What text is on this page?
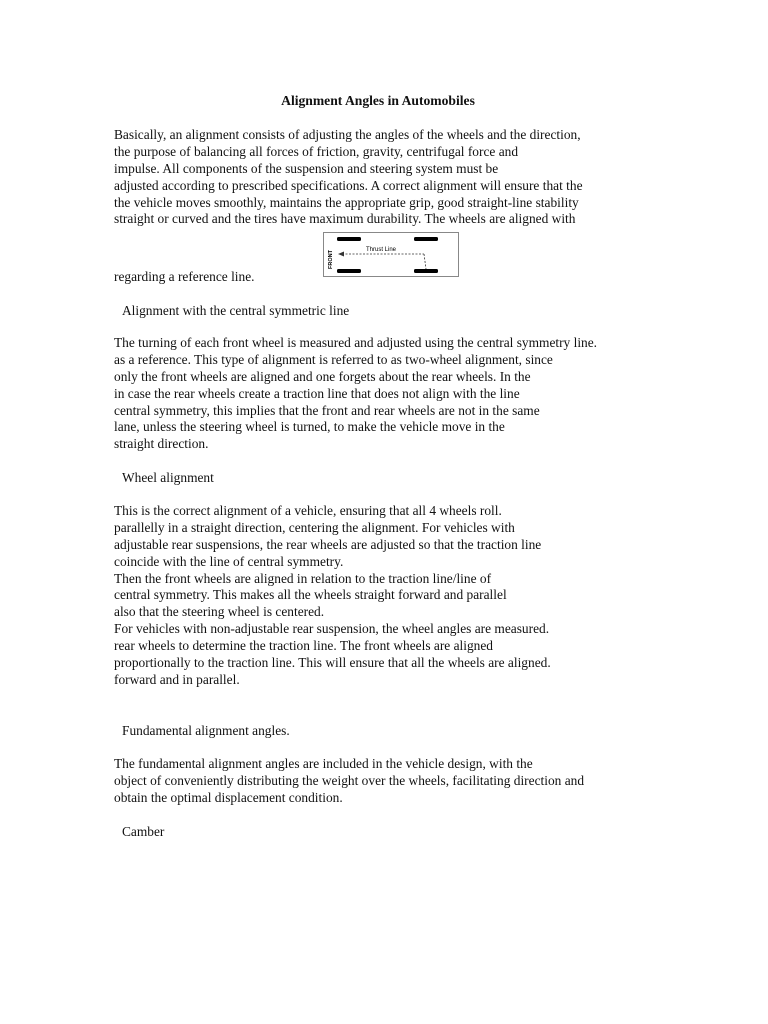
Alignment Angles in Automobiles
Basically, an alignment consists of adjusting the angles of the wheels and the direction,
the purpose of balancing all forces of friction, gravity, centrifugal force and
impulse. All components of the suspension and steering system must be
adjusted according to prescribed specifications. A correct alignment will ensure that the
the vehicle moves smoothly, maintains the appropriate grip, good straight-line stability
straight or curved and the tires have maximum durability. The wheels are aligned with
Thrust Line
FRONT
regarding a reference line.
Alignment with the central symmetric line
The turning of each front wheel is measured and adjusted using the central symmetry line.
as a reference. This type of alignment is referred to as two-wheel alignment, since
only the front wheels are aligned and one forgets about the rear wheels. In the
in case the rear wheels create a traction line that does not align with the line
central symmetry, this implies that the front and rear wheels are not in the same
lane, unless the steering wheel is turned, to make the vehicle move in the
straight direction.
Wheel alignment
This is the correct alignment of a vehicle, ensuring that all 4 wheels roll.
parallelly in a straight direction, centering the alignment. For vehicles with
adjustable rear suspensions, the rear wheels are adjusted so that the traction line
coincide with the line of central symmetry.
Then the front wheels are aligned in relation to the traction line/line of
central symmetry. This makes all the wheels straight forward and parallel
also that the steering wheel is centered.
For vehicles with non-adjustable rear suspension, the wheel angles are measured.
rear wheels to determine the traction line. The front wheels are aligned
proportionally to the traction line. This will ensure that all the wheels are aligned.
forward and in parallel.
Fundamental alignment angles.
The fundamental alignment angles are included in the vehicle design, with the
object of conveniently distributing the weight over the wheels, facilitating direction and
obtain the optimal displacement condition.
Camber
